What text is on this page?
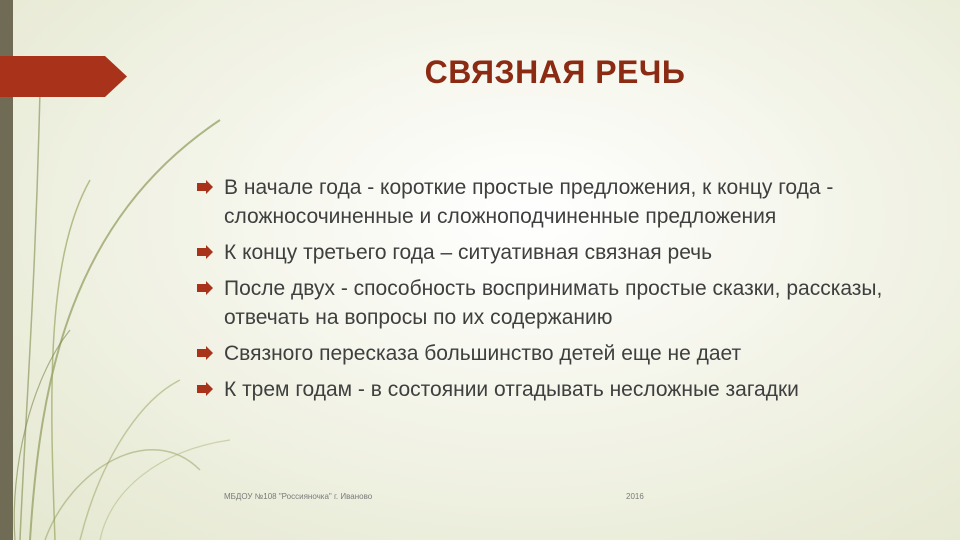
СВЯЗНАЯ РЕЧЬ
В начале года - короткие простые предложения, к концу года - сложносочиненные и сложноподчиненные предложения
К концу третьего года – ситуативная связная речь
После двух - способность воспринимать простые сказки, рассказы, отвечать на вопросы по их содержанию
Связного пересказа большинство детей еще не дает
К трем годам - в состоянии отгадывать несложные загадки
МБДОУ №108 "Россияночка" г. Иваново	2016
